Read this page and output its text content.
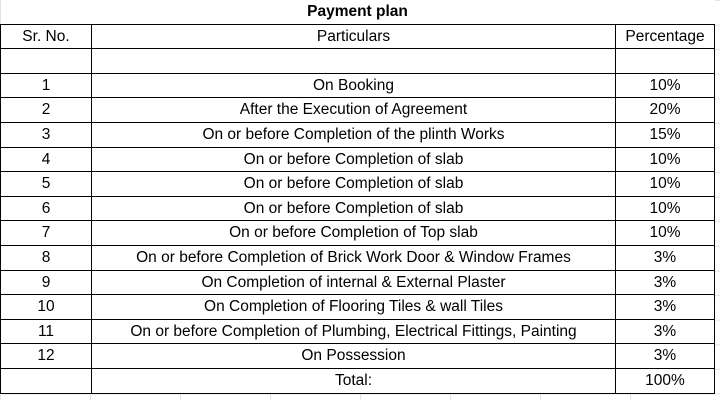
Payment plan		
Sr. No.	Particulars	Percentage

1	On Booking	10%
2	After the Execution of Agreement	20%
3	On or before Completion of the plinth Works	15%
4	On or before Completion of slab	10%
5	On or before Completion of slab	10%
6	On or before Completion of slab	10%
7	On or before Completion of Top slab	10%
8	On or before Completion of Brick Work Door & Window Frames	3%
9	On Completion of internal & External Plaster	3%
10	On Completion of Flooring Tiles & wall Tiles	3%
11	On or before Completion of Plumbing, Electrical Fittings, Painting	3%
12	On Possession	3%
	Total:	100%
